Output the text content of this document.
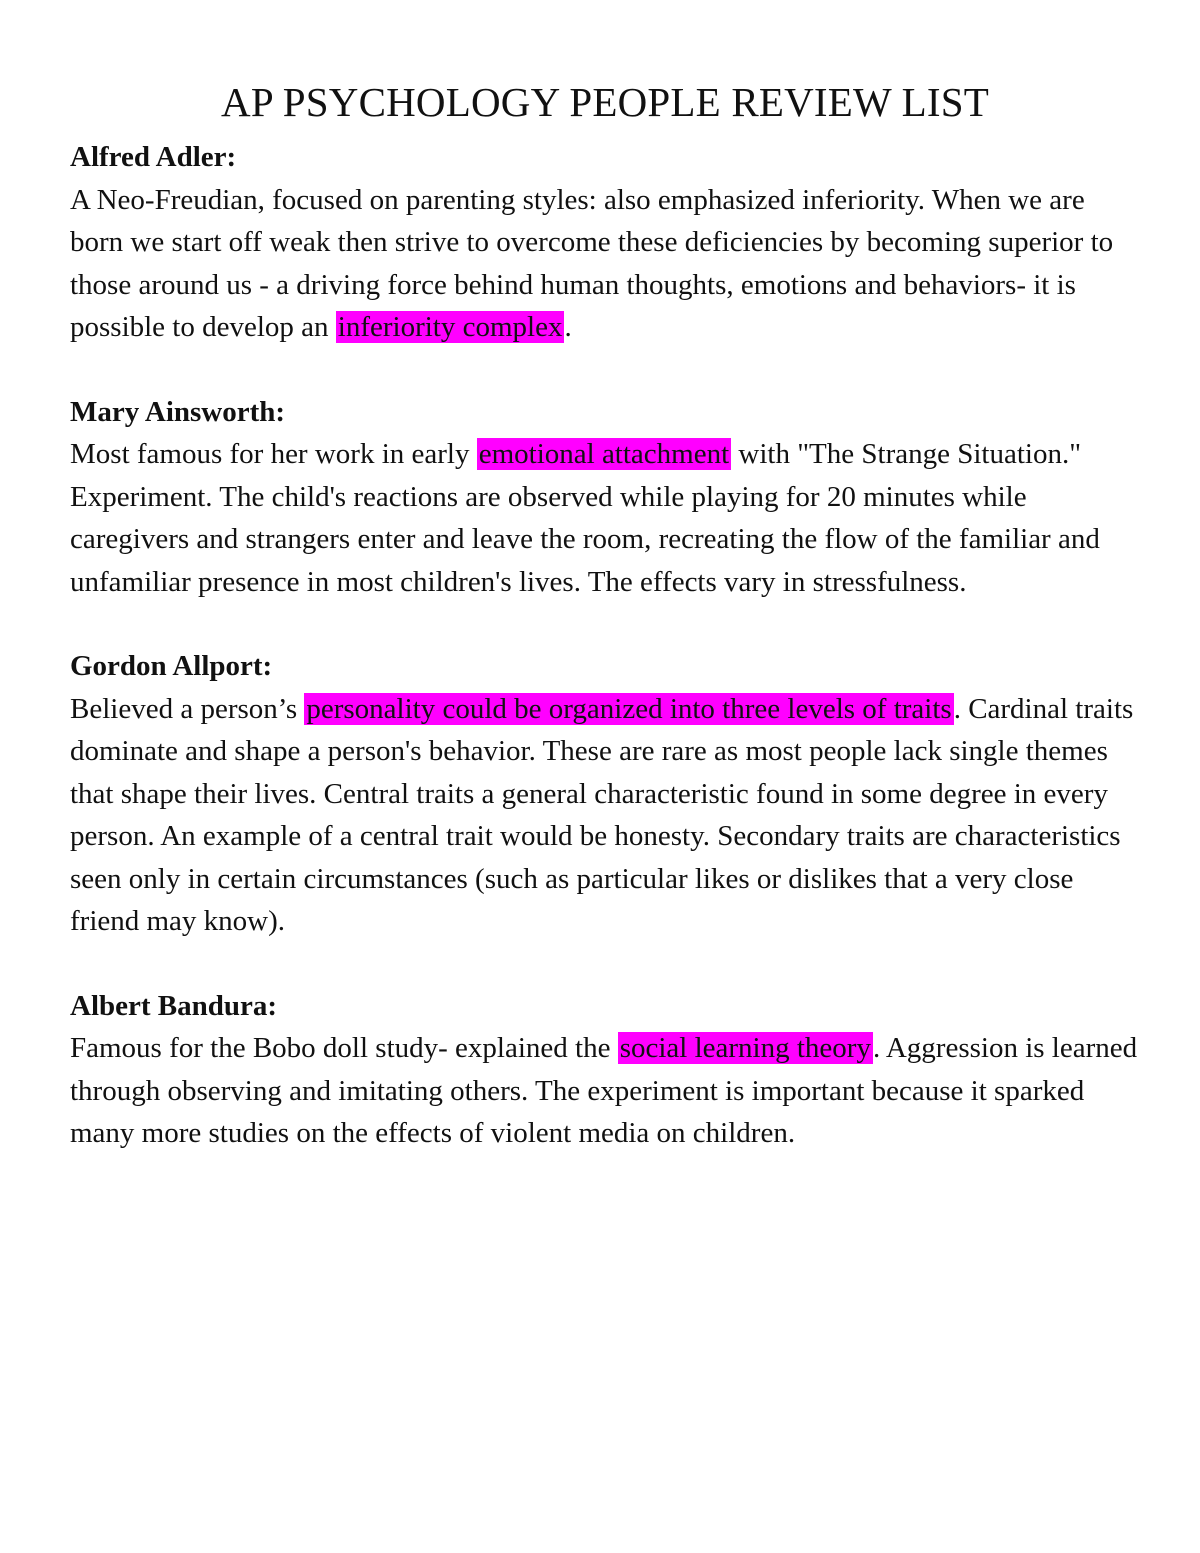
AP PSYCHOLOGY PEOPLE REVIEW LIST

Alfred Adler:

A Neo-Freudian, focused on parenting styles: also emphasized inferiority. When we are born we start off weak then strive to overcome these deficiencies by becoming superior to those around us - a driving force behind human thoughts, emotions and behaviors- it is possible to develop an inferiority complex.

Mary Ainsworth:

Most famous for her work in early emotional attachment with "The Strange Situation." Experiment. The child's reactions are observed while playing for 20 minutes while caregivers and strangers enter and leave the room, recreating the flow of the familiar and unfamiliar presence in most children's lives. The effects vary in stressfulness.

Gordon Allport:

Believed a person’s personality could be organized into three levels of traits. Cardinal traits dominate and shape a person's behavior. These are rare as most people lack single themes that shape their lives. Central traits a general characteristic found in some degree in every person. An example of a central trait would be honesty. Secondary traits are characteristics seen only in certain circumstances (such as particular likes or dislikes that a very close friend may know).

Albert Bandura:

Famous for the Bobo doll study- explained the social learning theory. Aggression is learned through observing and imitating others. The experiment is important because it sparked many more studies on the effects of violent media on children.
